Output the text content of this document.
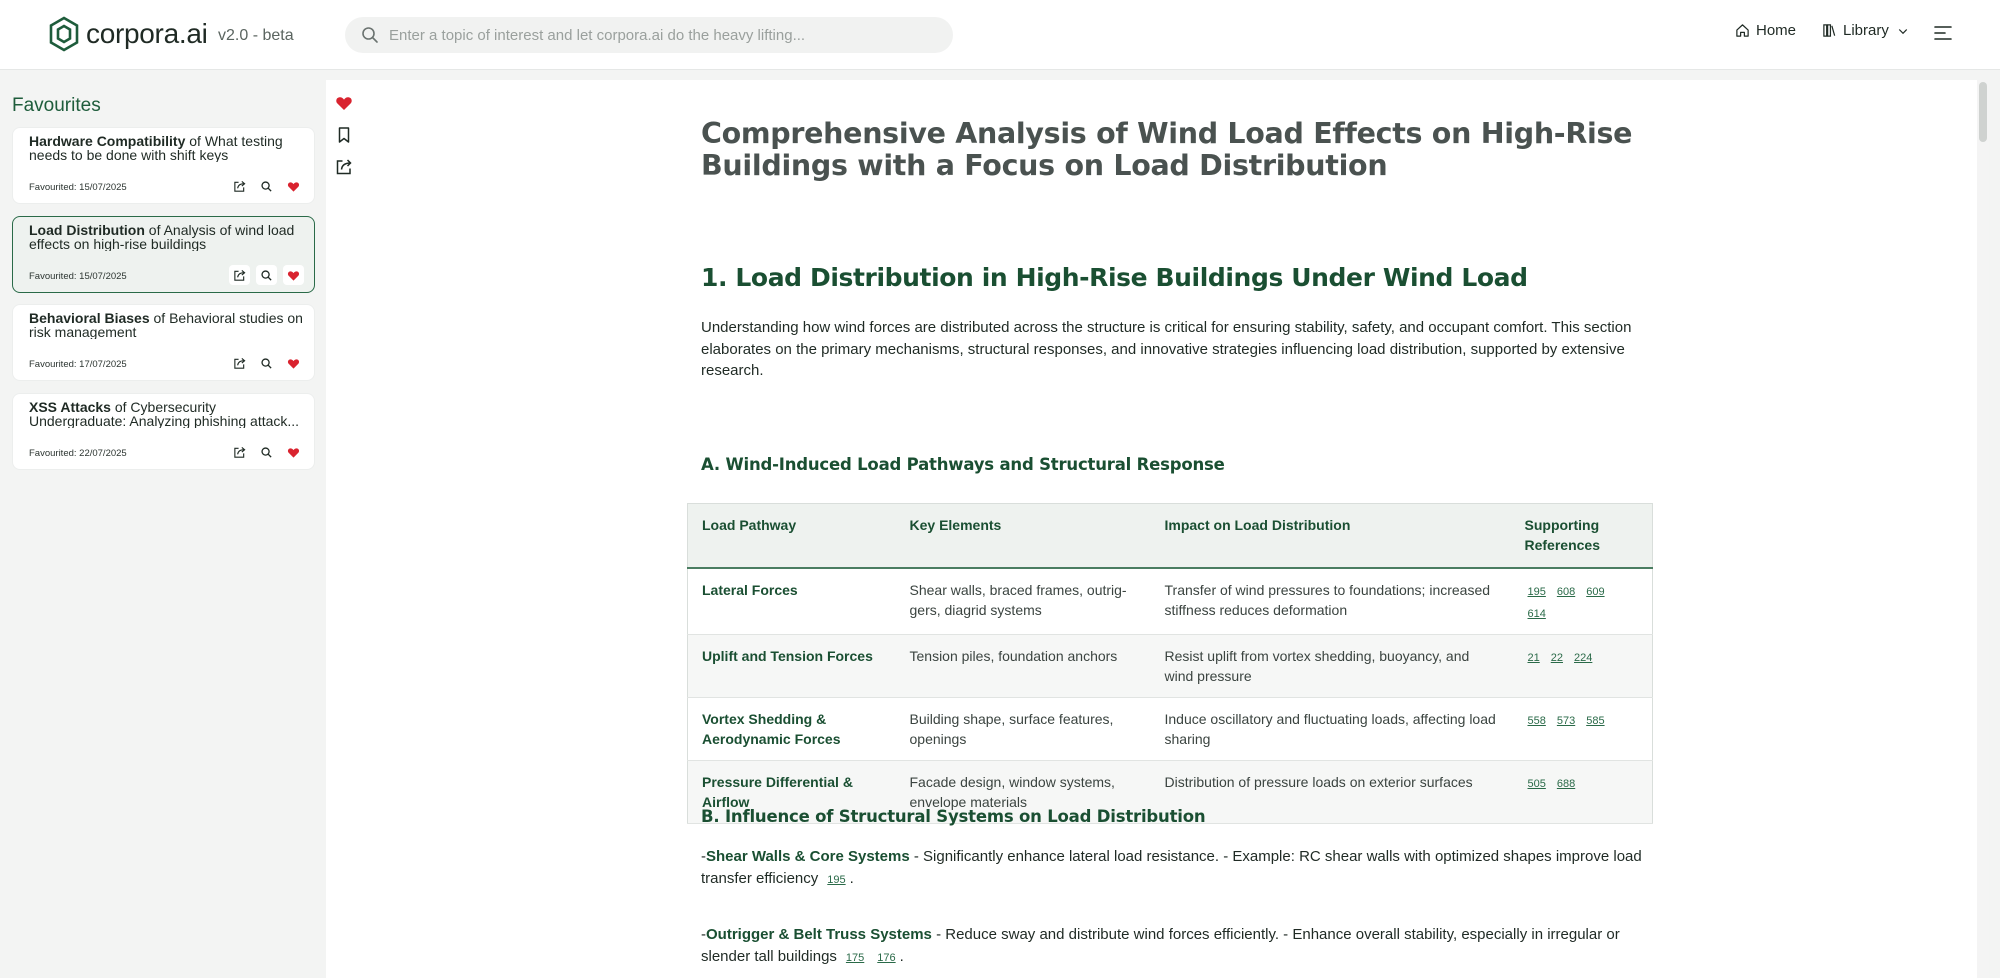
corpora.ai v2.0 - beta
Enter a topic of interest and let corpora.ai do the heavy lifting...	Home	Library
Favourites
Hardware Compatibility of What testing needs to be done with shift keys
Favourited: 15/07/2025
Load Distribution of Analysis of wind load effects on high-rise buildings
Favourited: 15/07/2025
Behavioral Biases of Behavioral studies on risk management
Favourited: 17/07/2025
XSS Attacks of Cybersecurity Undergraduate: Analyzing phishing attack...
Favourited: 22/07/2025
Comprehensive Analysis of Wind Load Effects on High-Rise Buildings with a Focus on Load Distribution
1. Load Distribution in High-Rise Buildings Under Wind Load

Understanding how wind forces are distributed across the structure is critical for ensuring stability, safety, and occupant comfort. This section elaborates on the primary mechanisms, structural responses, and innovative strategies influencing load distribution, supported by extensive research.

A. Wind-Induced Load Pathways and Structural Response
Load Pathway	Key Elements	Impact on Load Distribution	Supporting References
Lateral Forces	Shear walls, braced frames, outrig-gers, diagrid systems	Transfer of wind pressures to foundations; increased stiffness reduces deformation	195 608 609614
Uplift and Tension Forces	Tension piles, foundation anchors	Resist uplift from vortex shedding, buoyancy, and wind pressure	21 22 224
Vortex Shedding & Aerodynamic Forces	Building shape, surface features, openings	Induce oscillatory and fluctuating loads, affecting load sharing	558 573 585
Pressure Differential & Airflow	Facade design, window systems, envelope materials	Distribution of pressure loads on exterior surfaces	505 688
B. Influence of Structural Systems on Load Distribution

-Shear Walls & Core Systems - Significantly enhance lateral load resistance. - Example: RC shear walls with optimized shapes improve load transfer efficiency 195 .

-Outrigger & Belt Truss Systems - Reduce sway and distribute wind forces efficiently. - Enhance overall stability, especially in irregular or slender tall buildings 175 176 .
